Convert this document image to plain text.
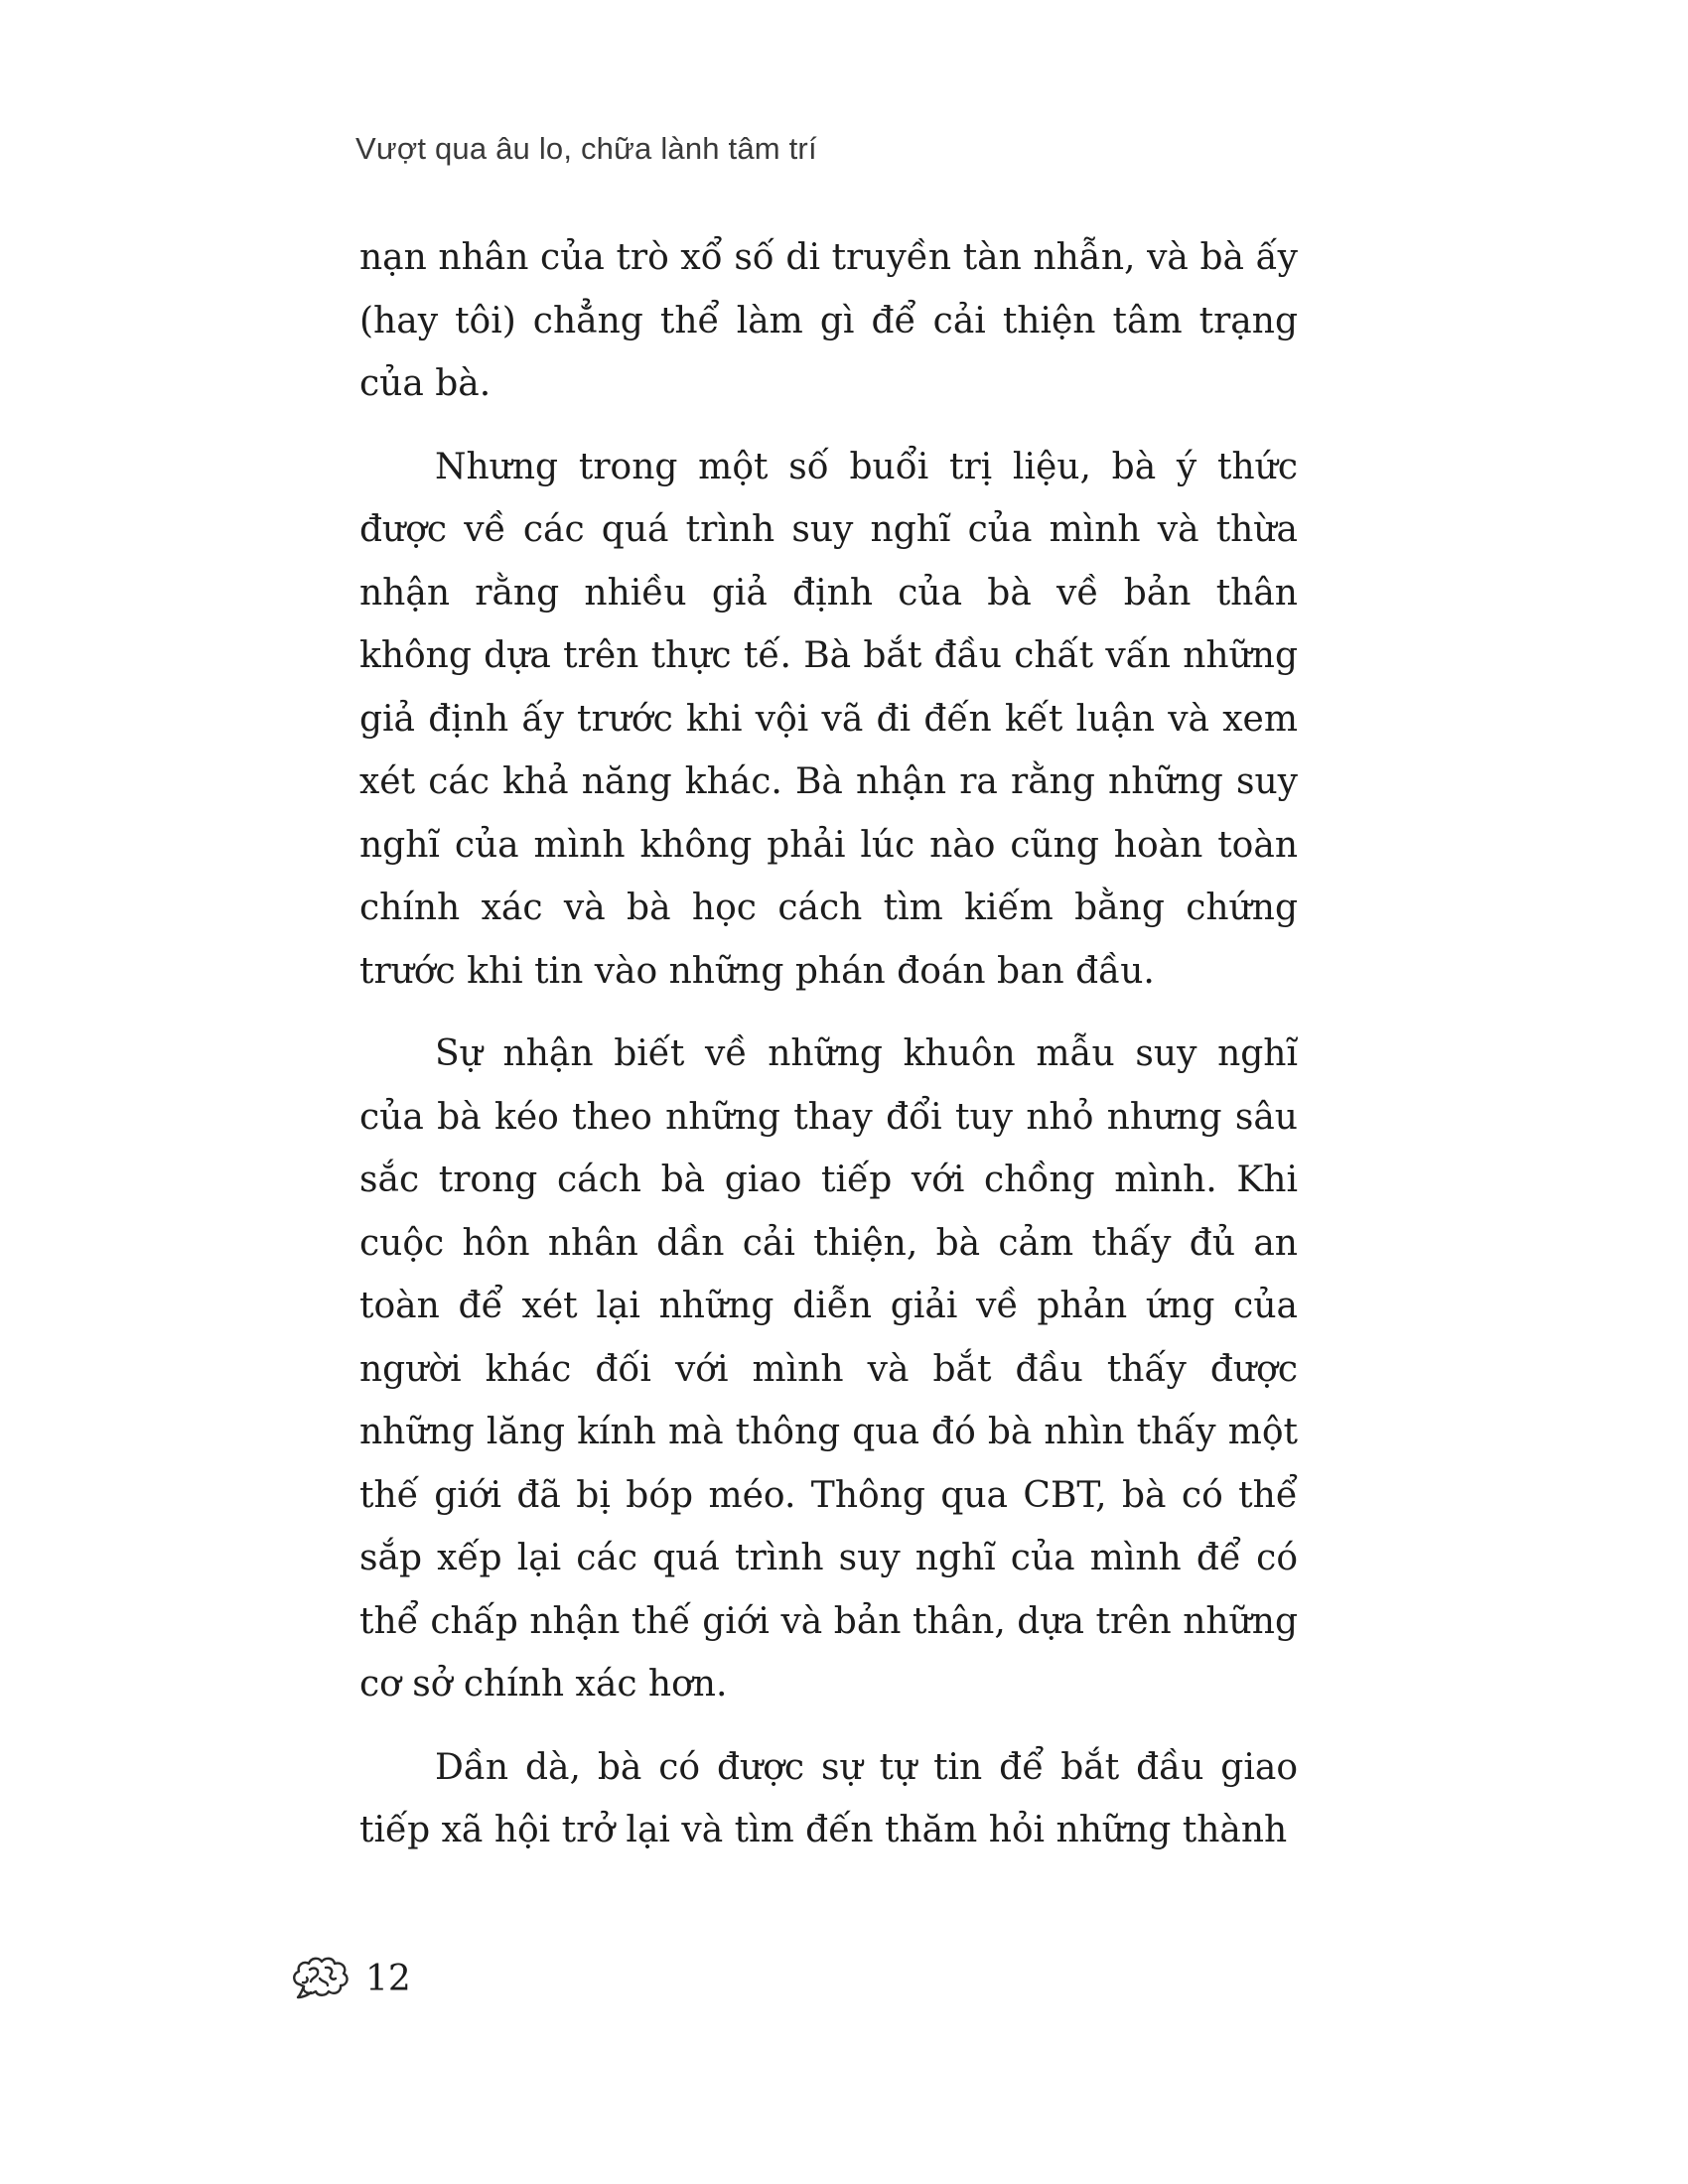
Vượt qua âu lo, chữa lành tâm trí

nạn nhân của trò xổ số di truyền tàn nhẫn, và bà ấy (hay tôi) chẳng thể làm gì để cải thiện tâm trạng của bà.

Nhưng trong một số buổi trị liệu, bà ý thức được về các quá trình suy nghĩ của mình và thừa nhận rằng nhiều giả định của bà về bản thân không dựa trên thực tế. Bà bắt đầu chất vấn những giả định ấy trước khi vội vã đi đến kết luận và xem xét các khả năng khác. Bà nhận ra rằng những suy nghĩ của mình không phải lúc nào cũng hoàn toàn chính xác và bà học cách tìm kiếm bằng chứng trước khi tin vào những phán đoán ban đầu.

Sự nhận biết về những khuôn mẫu suy nghĩ của bà kéo theo những thay đổi tuy nhỏ nhưng sâu sắc trong cách bà giao tiếp với chồng mình. Khi cuộc hôn nhân dần cải thiện, bà cảm thấy đủ an toàn để xét lại những diễn giải về phản ứng của người khác đối với mình và bắt đầu thấy được những lăng kính mà thông qua đó bà nhìn thấy một thế giới đã bị bóp méo. Thông qua CBT, bà có thể sắp xếp lại các quá trình suy nghĩ của mình để có thể chấp nhận thế giới và bản thân, dựa trên những cơ sở chính xác hơn.

Dần dà, bà có được sự tự tin để bắt đầu giao tiếp xã hội trở lại và tìm đến thăm hỏi những thành

12
